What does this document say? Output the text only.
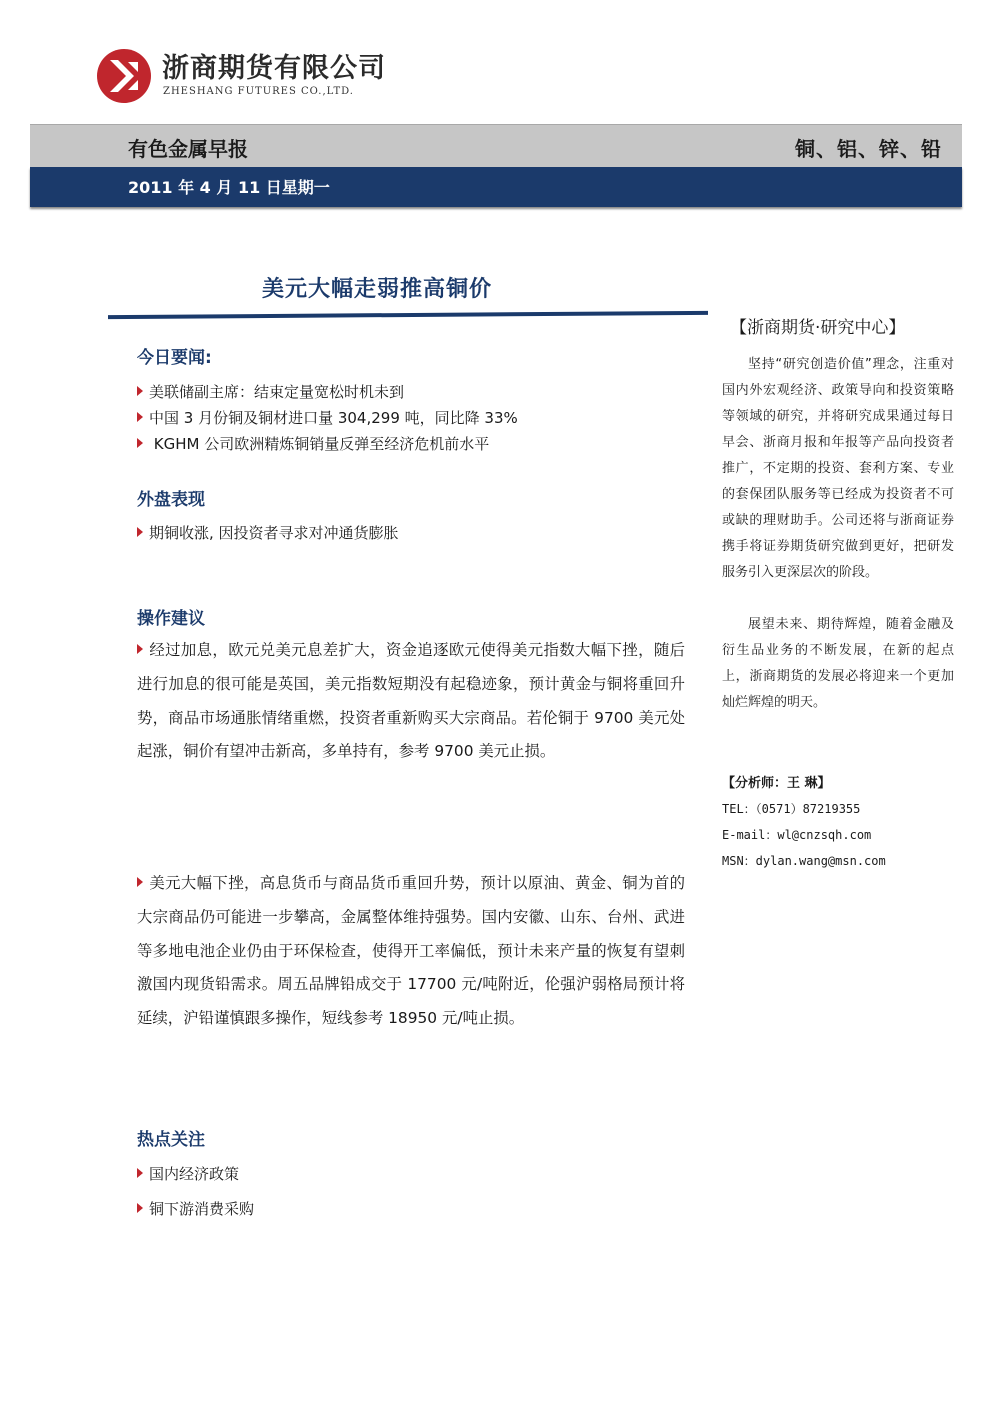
浙商期货有限公司
ZHESHANG FUTURES CO.,LTD.
有色金属早报	铜、铝、锌、铅
2011 年 4 月 11 日星期一
美元大幅走弱推高铜价
今日要闻:
美联储副主席：结束定量宽松时机未到
中国 3 月份铜及铜材进口量 304,299 吨，同比降 33%
KGHM 公司欧洲精炼铜销量反弹至经济危机前水平
外盘表现
期铜收涨, 因投资者寻求对冲通货膨胀
操作建议
经过加息，欧元兑美元息差扩大，资金追逐欧元使得美元指数大幅下挫，随后进行加息的很可能是英国，美元指数短期没有起稳迹象，预计黄金与铜将重回升势，商品市场通胀情绪重燃，投资者重新购买大宗商品。若伦铜于 9700 美元处起涨，铜价有望冲击新高，多单持有，参考 9700 美元止损。
美元大幅下挫，高息货币与商品货币重回升势，预计以原油、黄金、铜为首的大宗商品仍可能进一步攀高，金属整体维持强势。国内安徽、山东、台州、武进等多地电池企业仍由于环保检查，使得开工率偏低，预计未来产量的恢复有望刺激国内现货铅需求。周五品牌铅成交于 17700 元/吨附近，伦强沪弱格局预计将延续，沪铅谨慎跟多操作，短线参考 18950 元/吨止损。
热点关注
国内经济政策
铜下游消费采购
【浙商期货·研究中心】
坚持“研究创造价值”理念，注重对国内外宏观经济、政策导向和投资策略等领域的研究，并将研究成果通过每日早会、浙商月报和年报等产品向投资者推广，不定期的投资、套利方案、专业的套保团队服务等已经成为投资者不可或缺的理财助手。公司还将与浙商证券携手将证券期货研究做到更好，把研发服务引入更深层次的阶段。
展望未来、期待辉煌，随着金融及衍生品业务的不断发展，在新的起点上，浙商期货的发展必将迎来一个更加灿烂辉煌的明天。
【分析师：王 琳】
TEL：（0571）87219355
E-mail：wl@cnzsqh.com
MSN：dylan.wang@msn.com
